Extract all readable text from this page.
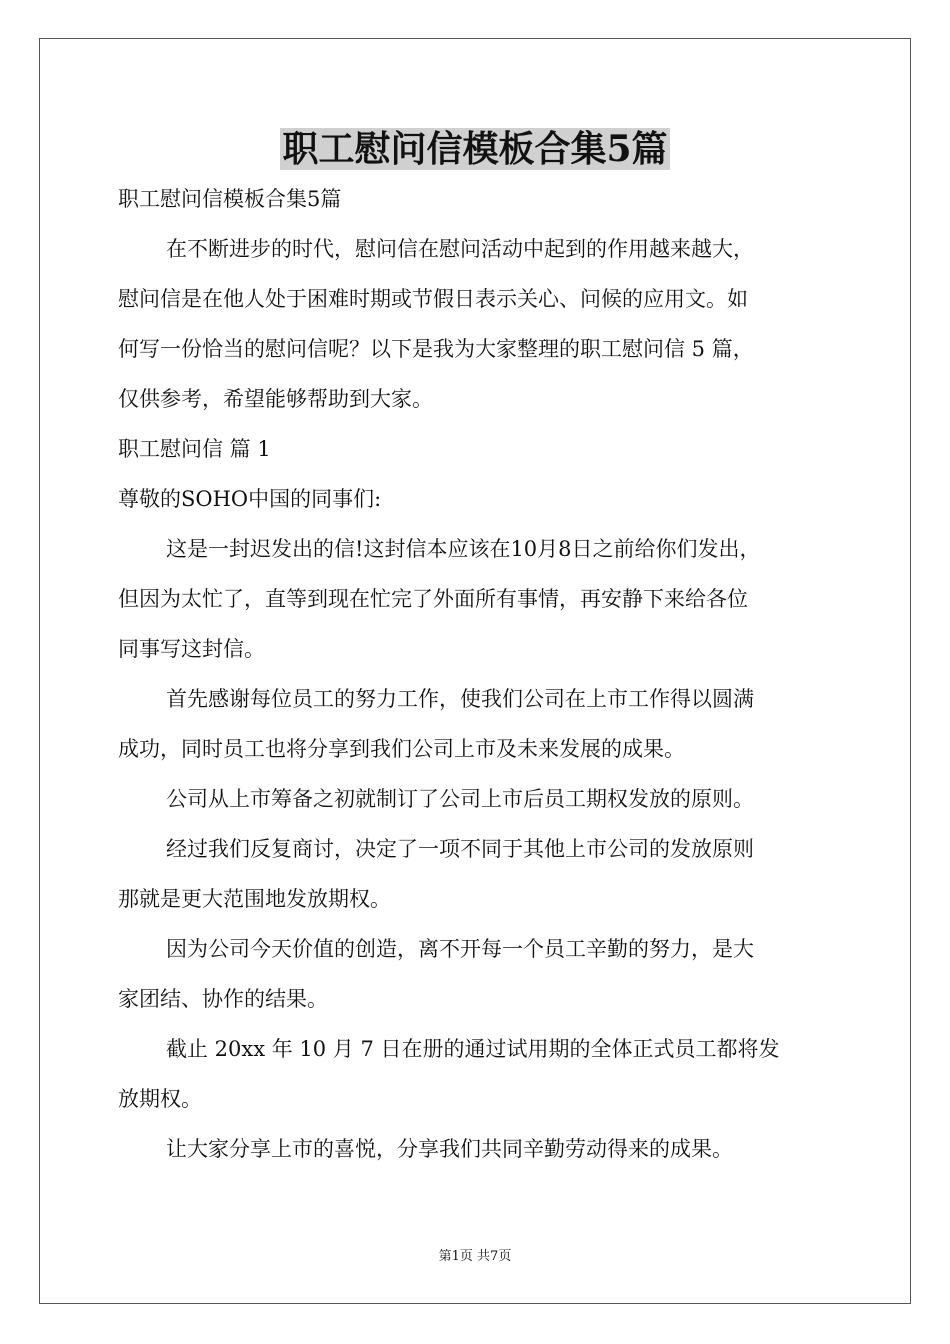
职工慰问信模板合集5篇
职工慰问信模板合集5篇
在不断进步的时代，慰问信在慰问活动中起到的作用越来越大，
慰问信是在他人处于困难时期或节假日表示关心、问候的应用文。如
何写一份恰当的慰问信呢？以下是我为大家整理的职工慰问信 5 篇，
仅供参考，希望能够帮助到大家。
职工慰问信 篇 1
尊敬的SOHO中国的同事们:
这是一封迟发出的信!这封信本应该在10月8日之前给你们发出，
但因为太忙了，直等到现在忙完了外面所有事情，再安静下来给各位
同事写这封信。
首先感谢每位员工的努力工作，使我们公司在上市工作得以圆满
成功，同时员工也将分享到我们公司上市及未来发展的成果。
公司从上市筹备之初就制订了公司上市后员工期权发放的原则。
经过我们反复商讨，决定了一项不同于其他上市公司的发放原则
那就是更大范围地发放期权。
因为公司今天价值的创造，离不开每一个员工辛勤的努力，是大
家团结、协作的结果。
截止 20xx 年 10 月 7 日在册的通过试用期的全体正式员工都将发
放期权。
让大家分享上市的喜悦，分享我们共同辛勤劳动得来的成果。
第1页 共7页
